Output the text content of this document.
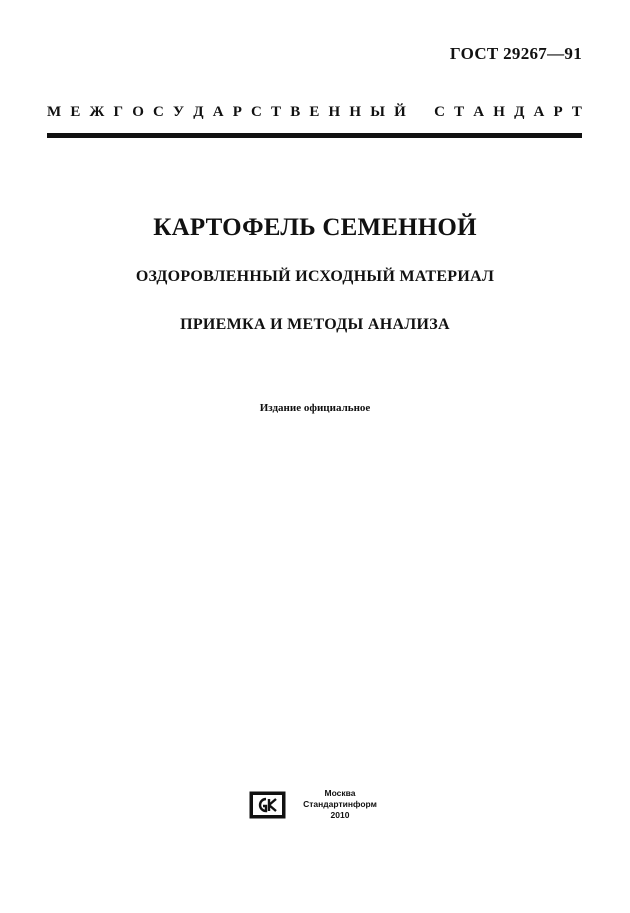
ГОСТ 29267—91
М Е Ж Г О С У Д А Р С Т В Е Н Н Ы Й С Т А Н Д А Р Т
КАРТОФЕЛЬ СЕМЕННОЙ
ОЗДОРОВЛЕННЫЙ ИСХОДНЫЙ МАТЕРИАЛ
ПРИЕМКА И МЕТОДЫ АНАЛИЗА
Издание официальное
Москва
Стандартинформ
2010
